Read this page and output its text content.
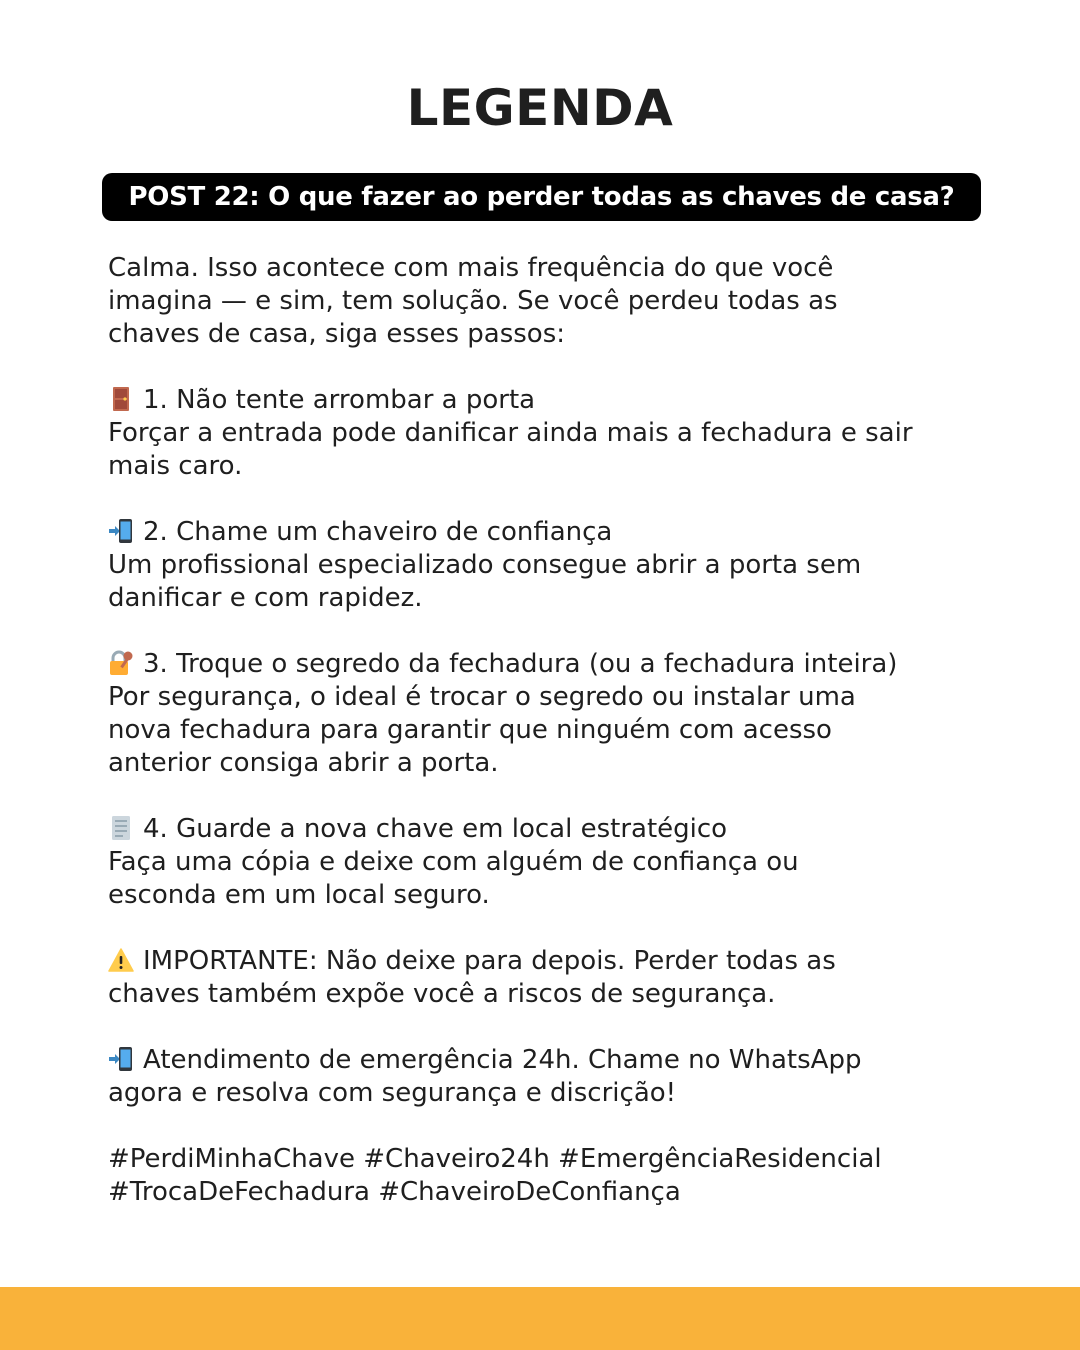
LEGENDA
POST 22: O que fazer ao perder todas as chaves de casa?
Calma. Isso acontece com mais frequência do que você
imagina — e sim, tem solução. Se você perdeu todas as
chaves de casa, siga esses passos:
1. Não tente arrombar a porta
Forçar a entrada pode danificar ainda mais a fechadura e sair
mais caro.
2. Chame um chaveiro de confiança
Um profissional especializado consegue abrir a porta sem
danificar e com rapidez.
3. Troque o segredo da fechadura (ou a fechadura inteira)
Por segurança, o ideal é trocar o segredo ou instalar uma
nova fechadura para garantir que ninguém com acesso
anterior consiga abrir a porta.
4. Guarde a nova chave em local estratégico
Faça uma cópia e deixe com alguém de confiança ou
esconda em um local seguro.
IMPORTANTE: Não deixe para depois. Perder todas as
chaves também expõe você a riscos de segurança.
Atendimento de emergência 24h. Chame no WhatsApp
agora e resolva com segurança e discrição!
#PerdiMinhaChave #Chaveiro24h #EmergênciaResidencial
#TrocaDeFechadura #ChaveiroDeConfiança
